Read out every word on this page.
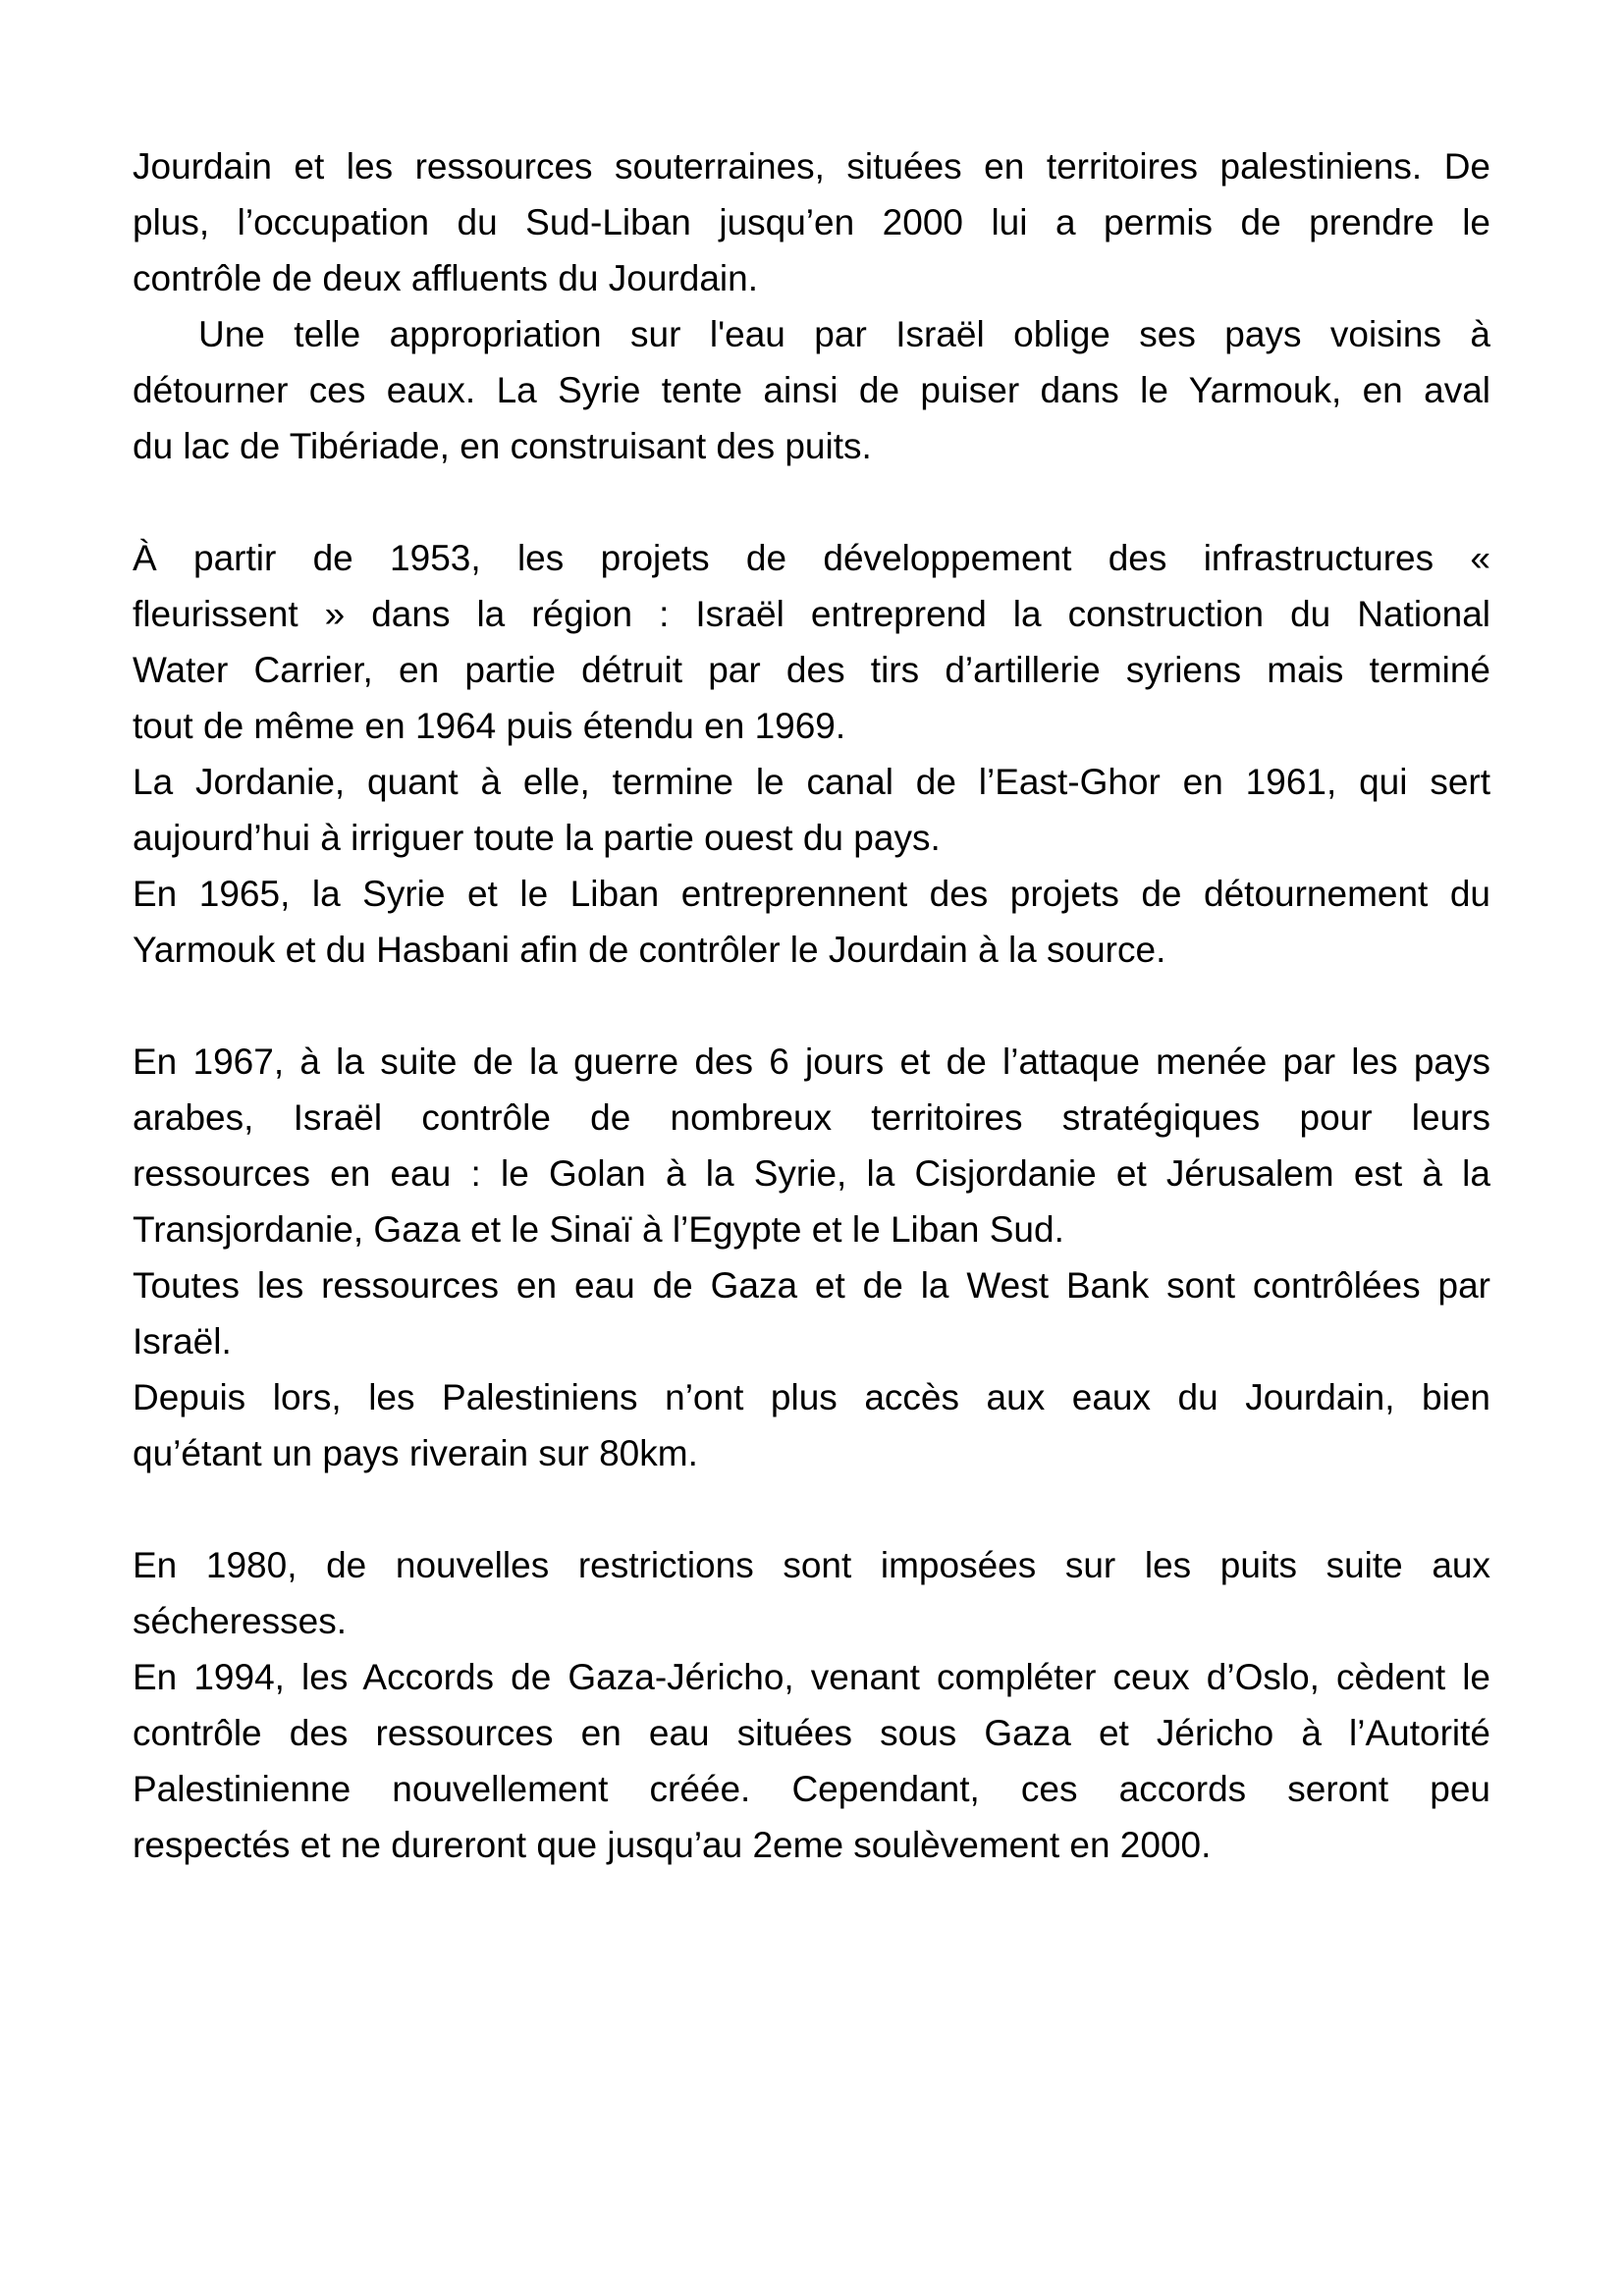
Jourdain et les ressources souterraines, situées en territoires palestiniens. De
plus, l’occupation du Sud-Liban jusqu’en 2000 lui a permis de prendre le
contrôle de deux affluents du Jourdain.
Une telle appropriation sur l'eau par Israël oblige ses pays voisins à
détourner ces eaux. La Syrie tente ainsi de puiser dans le Yarmouk, en aval
du lac de Tibériade, en construisant des puits.
À partir de 1953, les projets de développement des infrastructures «
fleurissent » dans la région : Israël entreprend la construction du National
Water Carrier, en partie détruit par des tirs d’artillerie syriens mais terminé
tout de même en 1964 puis étendu en 1969.
La Jordanie, quant à elle, termine le canal de l’East-Ghor en 1961, qui sert
aujourd’hui à irriguer toute la partie ouest du pays.
En 1965, la Syrie et le Liban entreprennent des projets de détournement du
Yarmouk et du Hasbani afin de contrôler le Jourdain à la source.
En 1967, à la suite de la guerre des 6 jours et de l’attaque menée par les pays
arabes, Israël contrôle de nombreux territoires stratégiques pour leurs
ressources en eau : le Golan à la Syrie, la Cisjordanie et Jérusalem est à la
Transjordanie, Gaza et le Sinaï à l’Egypte et le Liban Sud.
Toutes les ressources en eau de Gaza et de la West Bank sont contrôlées par
Israël.
Depuis lors, les Palestiniens n’ont plus accès aux eaux du Jourdain, bien
qu’étant un pays riverain sur 80km.
En 1980, de nouvelles restrictions sont imposées sur les puits suite aux
sécheresses.
En 1994, les Accords de Gaza-Jéricho, venant compléter ceux d’Oslo, cèdent le
contrôle des ressources en eau situées sous Gaza et Jéricho à l’Autorité
Palestinienne nouvellement créée. Cependant, ces accords seront peu
respectés et ne dureront que jusqu’au 2eme soulèvement en 2000.
